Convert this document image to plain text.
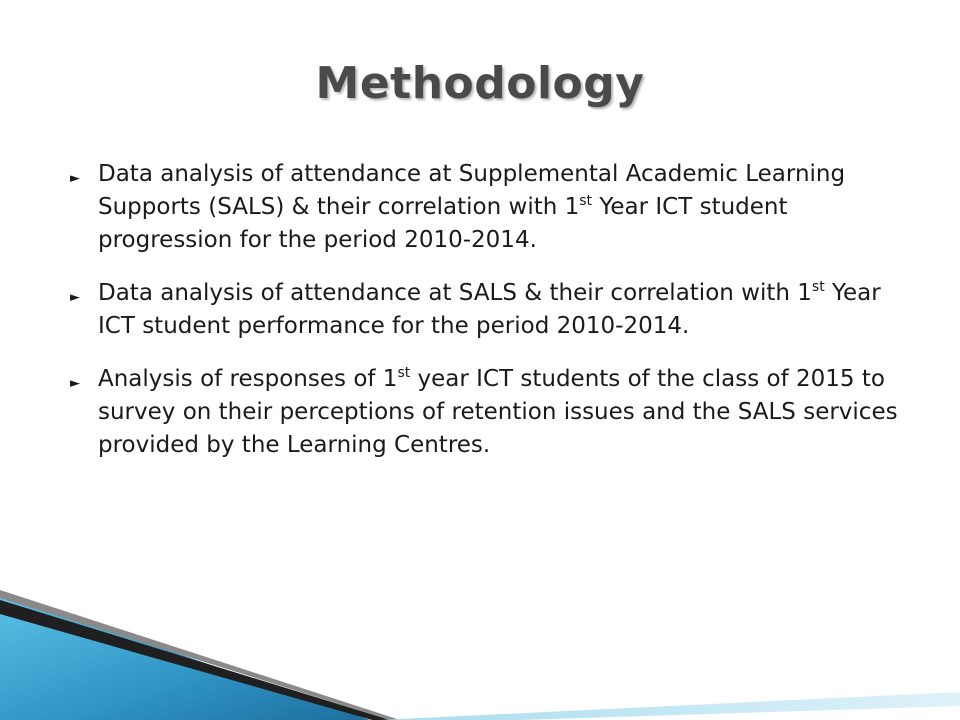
Methodology
► Data analysis of attendance at Supplemental Academic Learning Supports (SALS) & their correlation with 1st Year ICT student progression for the period 2010-2014.
► Data analysis of attendance at SALS & their correlation with 1st Year ICT student performance for the period 2010-2014.
► Analysis of responses of 1st year ICT students of the class of 2015 to survey on their perceptions of retention issues and the SALS services provided by the Learning Centres.
